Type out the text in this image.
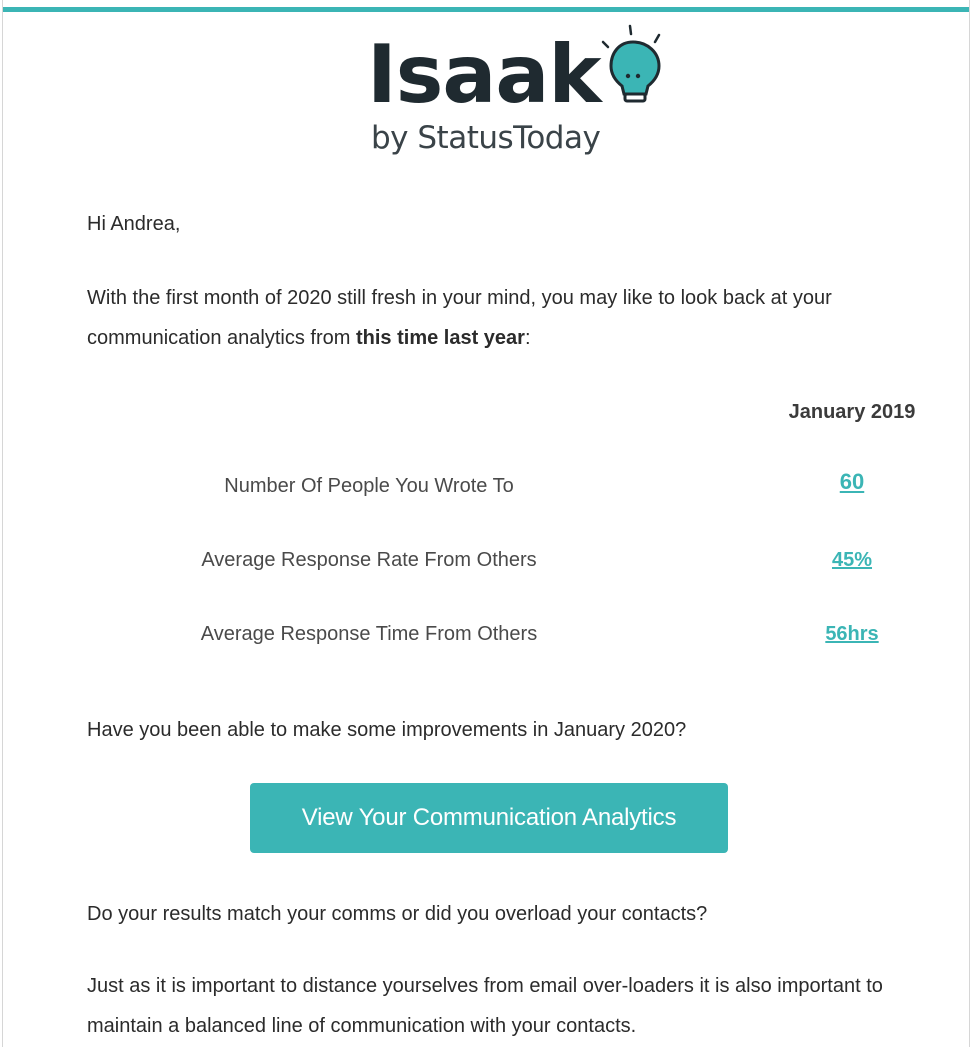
Isaak
by StatusToday
Hi Andrea,
With the first month of 2020 still fresh in your mind, you may like to look back at your communication analytics from this time last year:
January 2019
Number Of People You Wrote To	60
Average Response Rate From Others	45%
Average Response Time From Others	56hrs
Have you been able to make some improvements in January 2020?
View Your Communication Analytics
Do your results match your comms or did you overload your contacts?
Just as it is important to distance yourselves from email over-loaders it is also important to maintain a balanced line of communication with your contacts.
